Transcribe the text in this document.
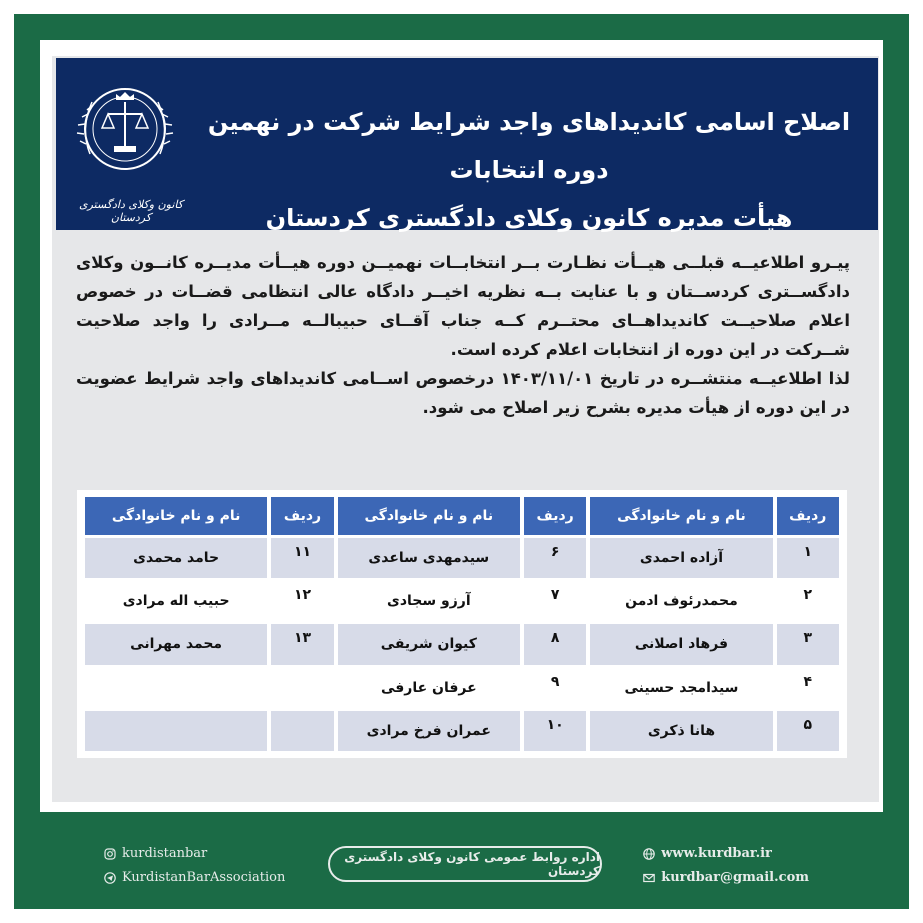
کانون وکلای دادگستری کردستان
اصلاح اسامی کاندیداهای واجد شرایط شرکت در نهمین دوره انتخابات
هیأت مدیره کانون وکلای دادگستری کردستان

پیـرو اطلاعیــه قبلــی هیــأت نظـارت بــر انتخابــات نهمیــن دوره هیــأت مدیــره کانــون وکلای دادگســتری کردســتان و با عنایت بــه نظریه اخیــر دادگاه عالی انتظامی قضــات در خصوص اعلام صلاحیــت کاندیداهــای محتــرم کــه جناب آقــای حبیبالــه مــرادی را واجد صلاحیت شــرکت در این دوره از انتخابات اعلام کرده است.

لذا اطلاعیــه منتشــره در تاریخ ۱۴۰۳/۱۱/۰۱ درخصوص اســامی کاندیداهای واجد شرایط عضویت در این دوره از هیأت مدیره بشرح زیر اصلاح می شود.

ردیف	نام و نام خانوادگی	ردیف	نام و نام خانوادگی	ردیف	نام و نام خانوادگی
۱	آزاده احمدی	۶	سیدمهدی ساعدی	۱۱	حامد محمدی
۲	محمدرئوف ادمن	۷	آرزو سجادی	۱۲	حبیب اله مرادی
۳	فرهاد اصلانی	۸	کیوان شریفی	۱۳	محمد مهرانی
۴	سیدامجد حسینی	۹	عرفان عارفی		
۵	هانا ذکری	۱۰	عمران فرخ مرادی		
kurdistanbar
KurdistanBarAssociation
اداره روابط عمومی کانون وکلای دادگستری کردستان
www.kurdbar.ir
kurdbar@gmail.com
